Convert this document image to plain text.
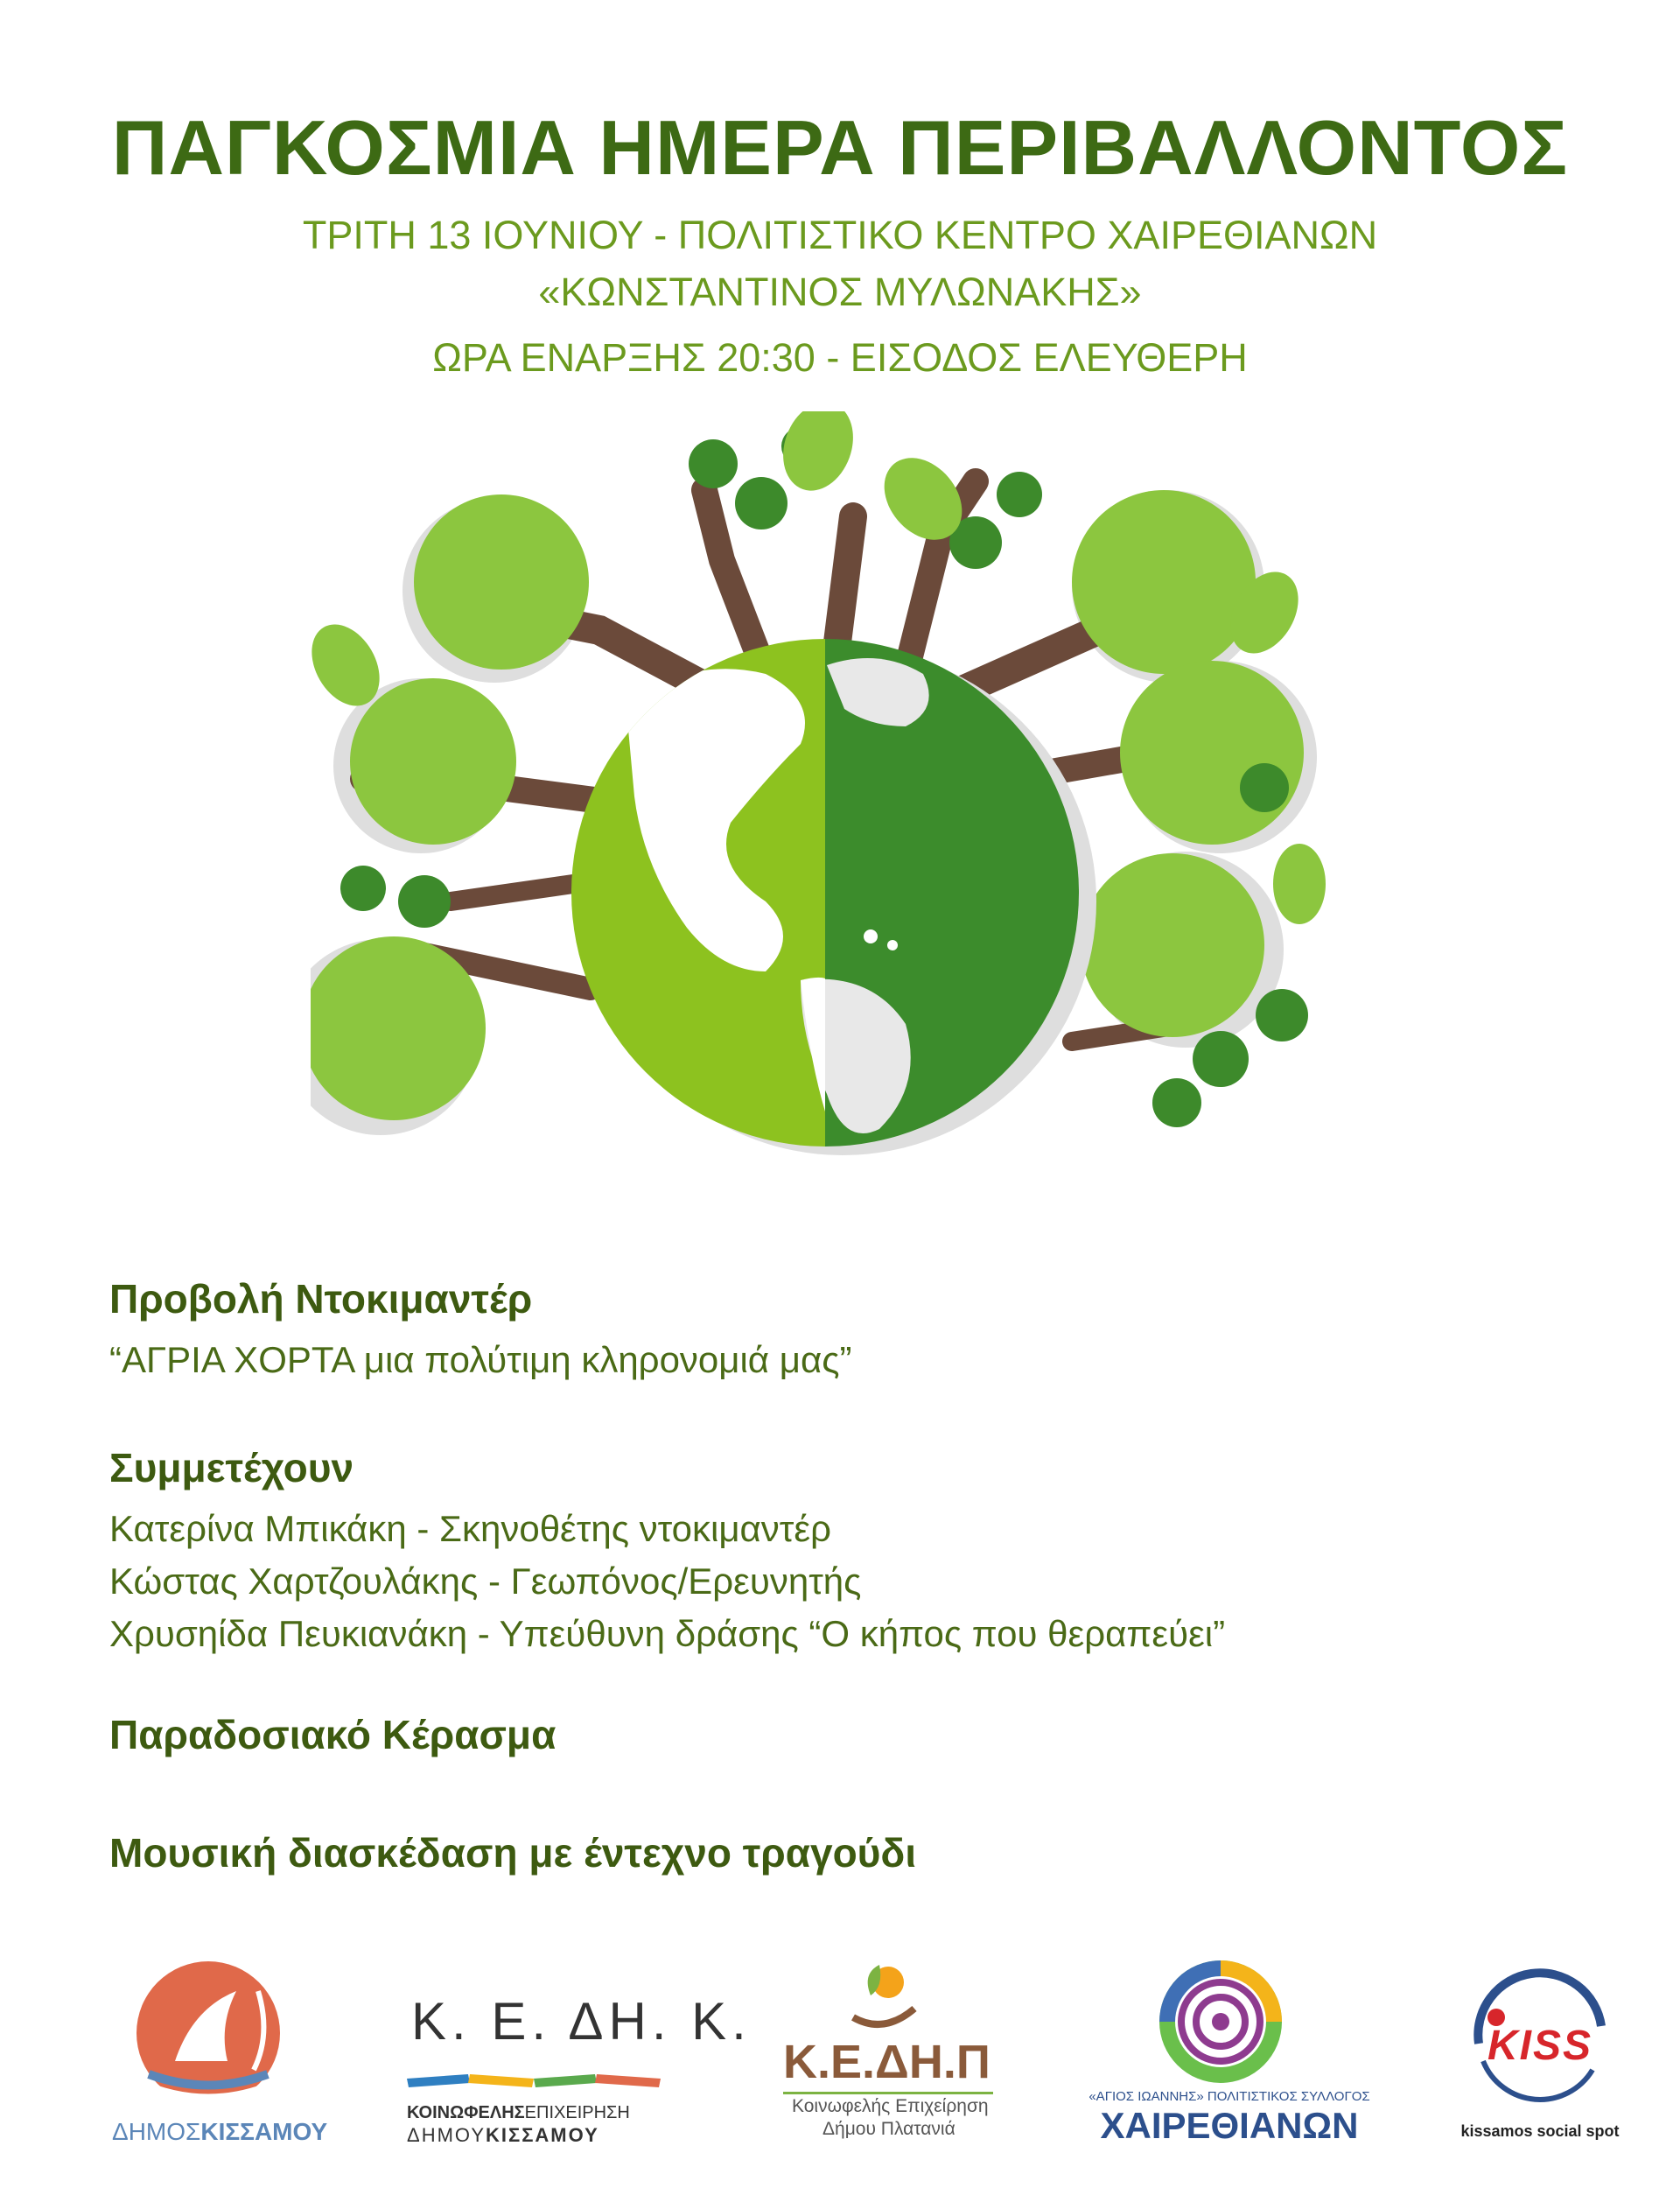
ΠΑΓΚΟΣΜΙΑ ΗΜΕΡΑ ΠΕΡΙΒΑΛΛΟΝΤΟΣ
ΤΡΙΤΗ 13 ΙΟΥΝΙΟΥ - ΠΟΛΙΤΙΣΤΙΚΟ ΚΕΝΤΡΟ ΧΑΙΡΕΘΙΑΝΩΝ
«ΚΩΝΣΤΑΝΤΙΝΟΣ ΜΥΛΩΝΑΚΗΣ»
ΩΡΑ ΕΝΑΡΞΗΣ 20:30 - ΕΙΣΟΔΟΣ ΕΛΕΥΘΕΡΗ
Προβολή Ντοκιμαντέρ
“ΑΓΡΙΑ ΧΟΡΤΑ μια πολύτιμη κληρονομιά μας”
Συμμετέχουν
Κατερίνα Μπικάκη - Σκηνοθέτης ντοκιμαντέρ
Κώστας Χαρτζουλάκης - Γεωπόνος/Ερευνητής
Χρυσηίδα Πευκιανάκη - Υπεύθυνη δράσης “Ο κήπος που θεραπεύει”
Παραδοσιακό Κέρασμα
Μουσική διασκέδαση με έντεχνο τραγούδι
ΔΗΜΟΣΚΙΣΣΑΜΟΥ
Κ. Ε. ΔΗ. Κ.
ΚΟΙΝΩΦΕΛΗΣΕΠΙΧΕΙΡΗΣΗ
ΔΗΜΟΥΚΙΣΣΑΜΟΥ
Κ.Ε.ΔΗ.Π
Κοινωφελής Επιχείρηση
Δήμου Πλατανιά
«ΑΓΙΟΣ ΙΩΑΝΝΗΣ» ΠΟΛΙΤΙΣΤΙΚΟΣ ΣΥΛΛΟΓΟΣ
ΧΑΙΡΕΘΙΑΝΩΝ
KISS
kissamos social spot
